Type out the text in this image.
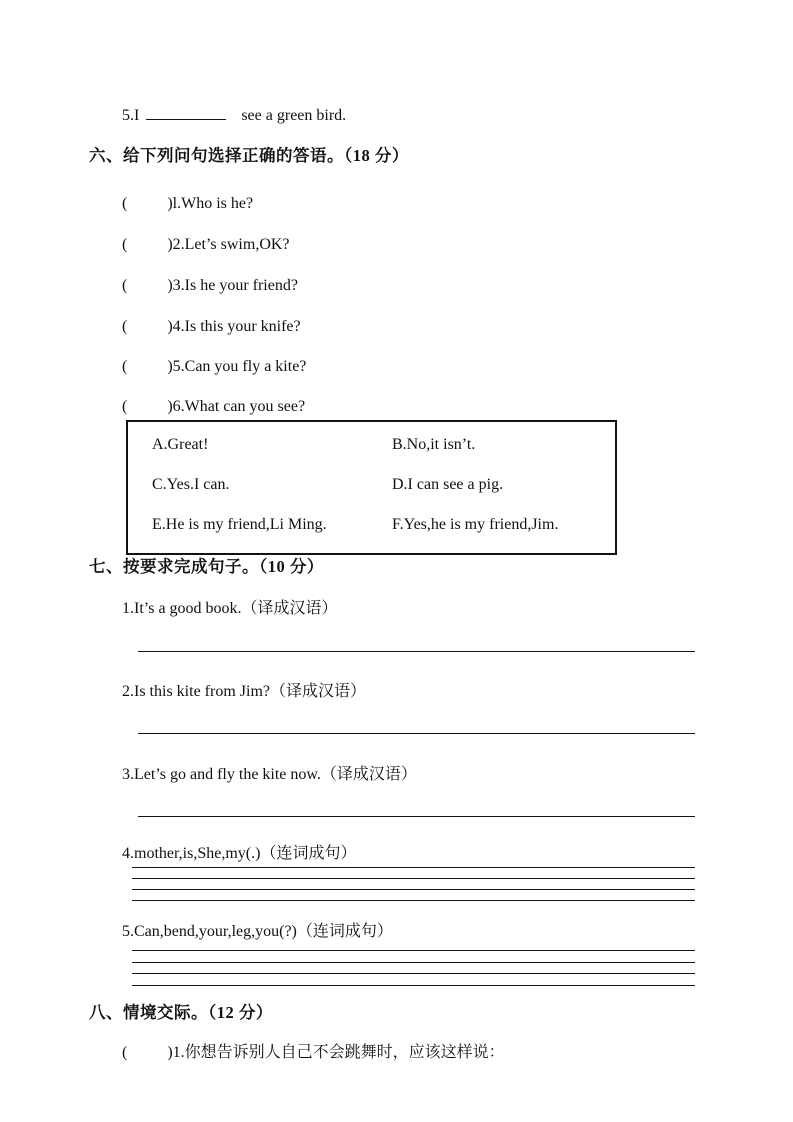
5.I	see a green bird.
六、给下列问句选择正确的答语。（18 分）
(	)l.Who is he?
(	)2.Let’s swim,OK?
(	)3.Is he your friend?
(	)4.Is this your knife?
(	)5.Can you fly a kite?
(	)6.What can you see?
A.Great!	B.No,it isn’t.
C.Yes.I can.	D.I can see a pig.
E.He is my friend,Li Ming.	F.Yes,he is my friend,Jim.
七、按要求完成句子。（10 分）
1.It’s a good book.（译成汉语）
2.Is this kite from Jim?（译成汉语）
3.Let’s go and fly the kite now.（译成汉语）
4.mother,is,She,my(.)（连词成句）
5.Can,bend,your,leg,you(?)（连词成句）
八、情境交际。（12 分）
(	)1.你想告诉别人自己不会跳舞时，应该这样说：
